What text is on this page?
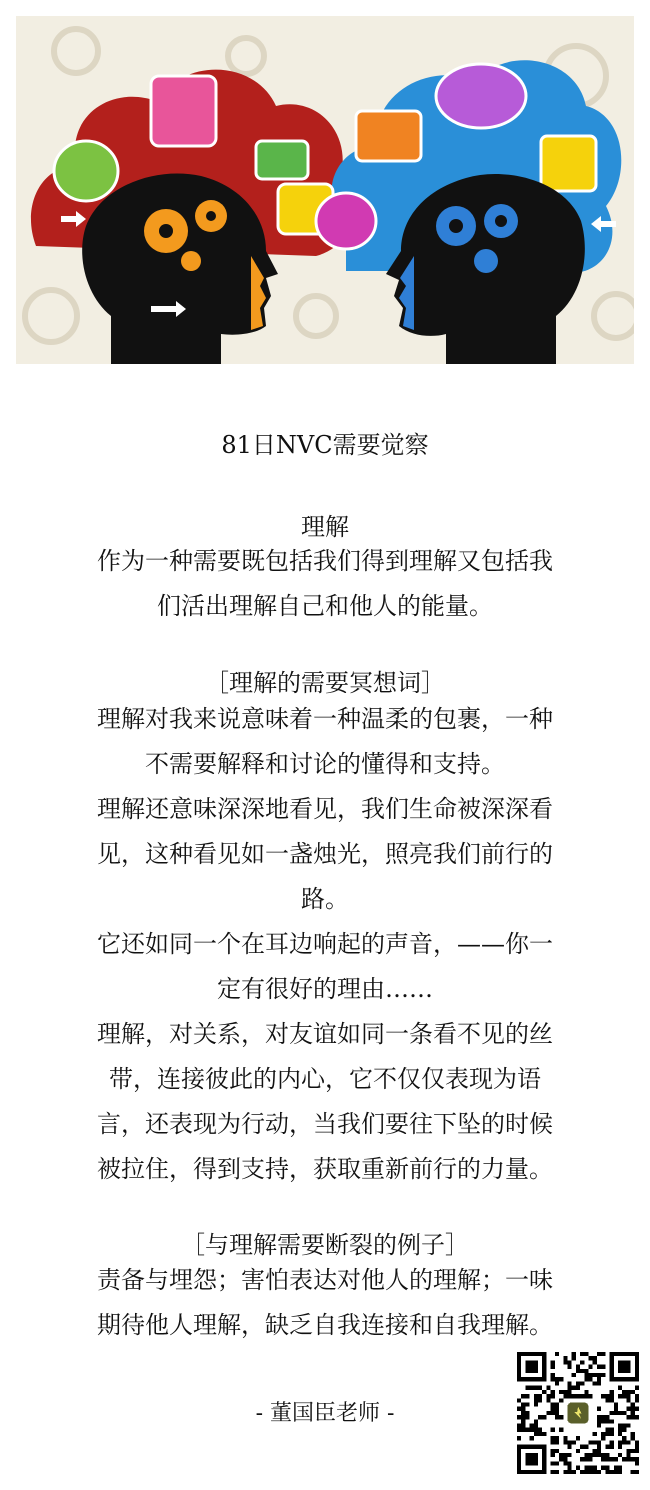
81日NVC需要觉察
理解
作为一种需要既包括我们得到理解又包括我
们活出理解自己和他人的能量。
［理解的需要冥想词］
理解对我来说意味着一种温柔的包裹，一种
不需要解释和讨论的懂得和支持。
理解还意味深深地看见，我们生命被深深看
见，这种看见如一盏烛光，照亮我们前行的
路。
它还如同一个在耳边响起的声音，——你一
定有很好的理由……
理解，对关系，对友谊如同一条看不见的丝
带，连接彼此的内心，它不仅仅表现为语
言，还表现为行动，当我们要往下坠的时候
被拉住，得到支持，获取重新前行的力量。
［与理解需要断裂的例子］
责备与埋怨；害怕表达对他人的理解；一味
期待他人理解，缺乏自我连接和自我理解。
- 董国臣老师 -
